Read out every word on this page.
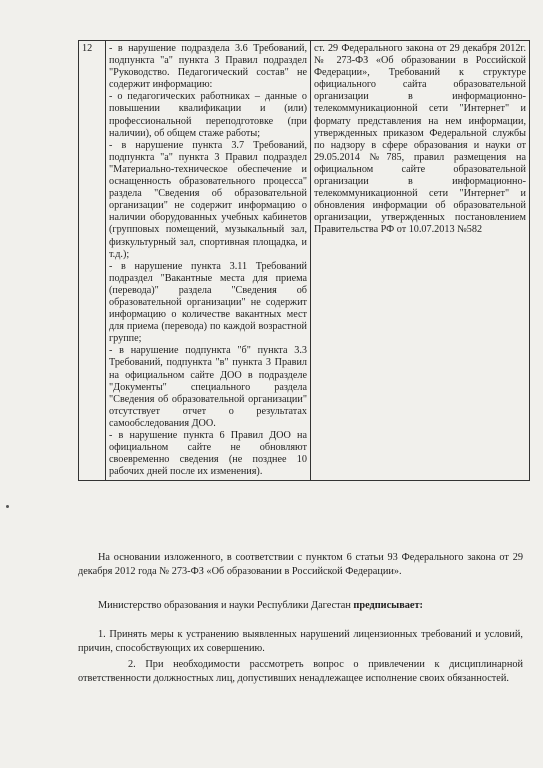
12	- в нарушение подраздела 3.6 Требований, подпункта "а" пункта 3 Правил подраздел "Руководство. Педагогический состав" не содержит информацию:
- о педагогических работниках – данные о повышении квалификации и (или) профессиональной переподготовке (при наличии), об общем стаже работы;
- в нарушение пункта 3.7 Требований, подпункта "а" пункта 3 Правил подраздел "Материально-техническое обеспечение и оснащенность образовательного процесса" раздела "Сведения об образовательной организации" не содержит информацию о наличии оборудованных учебных кабинетов (групповых помещений, музыкальный зал, физкультурный зал, спортивная площадка, и т.д.);
- в нарушение пункта 3.11 Требований подраздел "Вакантные места для приема (перевода)" раздела "Сведения об образовательной организации" не содержит информацию о количестве вакантных мест для приема (перевода) по каждой возрастной группе;
- в нарушение подпункта "б" пункта 3.3 Требований, подпункта "в" пункта 3 Правил на официальном сайте ДОО в подразделе "Документы" специального раздела "Сведения об образовательной организации" отсутствует отчет о результатах самообследования ДОО.
- в нарушение пункта 6 Правил ДОО на официальном сайте не обновляют своевременно сведения (не позднее 10 рабочих дней после их изменения).
	ст. 29 Федерального закона от 29 декабря 2012г. № 273-ФЗ «Об образовании в Российской Федерации», Требований к структуре официального сайта образовательной организации в информационно-телекоммуникационной сети "Интернет" и формату представления на нем информации, утвержденных приказом Федеральной службы по надзору в сфере образования и науки от 29.05.2014 №785, правил размещения на официальном сайте образовательной организации в информационно-телекоммуникационной сети "Интернет" и обновления информации об образовательной организации, утвержденных постановлением Правительства РФ от 10.07.2013 №582
На основании изложенного, в соответствии с пунктом 6 статьи 93 Федерального закона от 29 декабря 2012 года № 273-ФЗ «Об образовании в Российской Федерации».
Министерство образования и науки Республики Дагестан предписывает:
1. Принять меры к устранению выявленных нарушений лицензионных требований и условий, причин, способствующих их совершению.
2. При необходимости рассмотреть вопрос о привлечении к дисциплинарной ответственности должностных лиц, допустивших ненадлежащее исполнение своих обязанностей.
